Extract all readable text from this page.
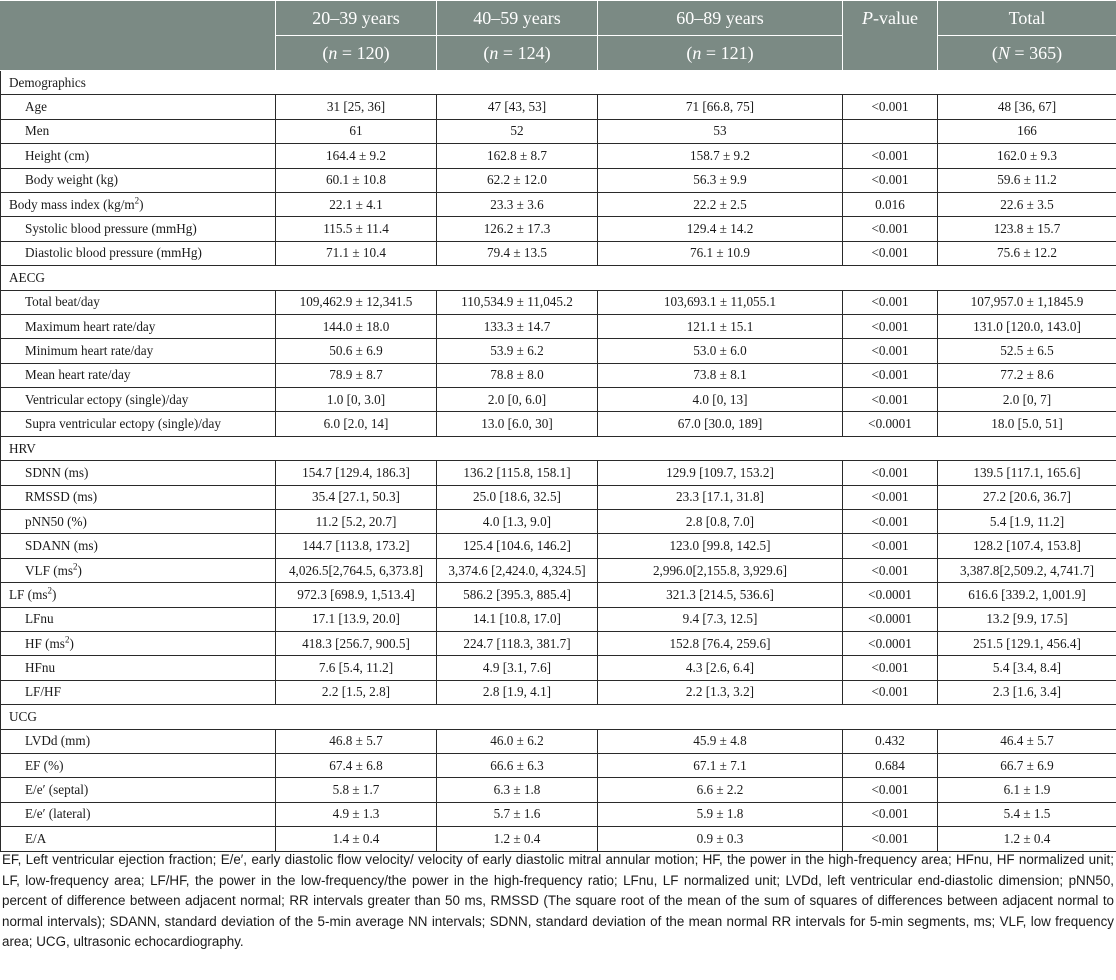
	20–39 years	40–59 years	60–89 years	P-value	Total
	(n = 120)	(n = 124)	(n = 121)		(N = 365)
Demographics					
Age	31 [25, 36]	47 [43, 53]	71 [66.8, 75]	<0.001	48 [36, 67]
Men	61	52	53		166
Height (cm)	164.4 ± 9.2	162.8 ± 8.7	158.7 ± 9.2	<0.001	162.0 ± 9.3
Body weight (kg)	60.1 ± 10.8	62.2 ± 12.0	56.3 ± 9.9	<0.001	59.6 ± 11.2
Body mass index $(kg/m^2)$	22.1 ± 4.1	23.3 ± 3.6	22.2 ± 2.5	0.016	22.6 ± 3.5
Systolic blood pressure (mmHg)	115.5 ± 11.4	126.2 ± 17.3	129.4 ± 14.2	<0.001	123.8 ± 15.7
Diastolic blood pressure (mmHg)	71.1 ± 10.4	79.4 ± 13.5	76.1 ± 10.9	<0.001	75.6 ± 12.2
AECG					
Total beat/day	109,462.9 ± 12,341.5	110,534.9 ± 11,045.2	103,693.1 ± 11,055.1	<0.001	107,957.0 ± 1,1845.9
Maximum heart rate/day	144.0 ± 18.0	133.3 ± 14.7	121.1 ± 15.1	<0.001	131.0 [120.0, 143.0]
Minimum heart rate/day	50.6 ± 6.9	53.9 ± 6.2	53.0 ± 6.0	<0.001	52.5 ± 6.5
Mean heart rate/day	78.9 ± 8.7	78.8 ± 8.0	73.8 ± 8.1	<0.001	77.2 ± 8.6
Ventricular ectopy (single)/day	1.0 [0, 3.0]	2.0 [0, 6.0]	4.0 [0, 13]	<0.001	2.0 [0, 7]
Supra ventricular ectopy (single)/day	6.0 [2.0, 14]	13.0 [6.0, 30]	67.0 [30.0, 189]	<0.0001	18.0 [5.0, 51]
HRV					
SDNN (ms)	154.7 [129.4, 186.3]	136.2 [115.8, 158.1]	129.9 [109.7, 153.2]	<0.001	139.5 [117.1, 165.6]
RMSSD (ms)	35.4 [27.1, 50.3]	25.0 [18.6, 32.5]	23.3 [17.1, 31.8]	<0.001	27.2 [20.6, 36.7]
pNN50 (%)	11.2 [5.2, 20.7]	4.0 [1.3, 9.0]	2.8 [0.8, 7.0]	<0.001	5.4 [1.9, 11.2]
SDANN (ms)	144.7 [113.8, 173.2]	125.4 [104.6, 146.2]	123.0 [99.8, 142.5]	<0.001	128.2 [107.4, 153.8]
VLF $(ms^2)$	4,026.5[2,764.5, 6,373.8]	3,374.6 [2,424.0, 4,324.5]	2,996.0[2,155.8, 3,929.6]	<0.001	3,387.8[2,509.2, 4,741.7]
LF $(ms^2)$	972.3 [698.9, 1,513.4]	586.2 [395.3, 885.4]	321.3 [214.5, 536.6]	<0.0001	616.6 [339.2, 1,001.9]
LFnu	17.1 [13.9, 20.0]	14.1 [10.8, 17.0]	9.4 [7.3, 12.5]	<0.0001	13.2 [9.9, 17.5]
HF $(ms^2)$	418.3 [256.7, 900.5]	224.7 [118.3, 381.7]	152.8 [76.4, 259.6]	<0.0001	251.5 [129.1, 456.4]
HFnu	7.6 [5.4, 11.2]	4.9 [3.1, 7.6]	4.3 [2.6, 6.4]	<0.001	5.4 [3.4, 8.4]
LF/HF	2.2 [1.5, 2.8]	2.8 [1.9, 4.1]	2.2 [1.3, 3.2]	<0.001	2.3 [1.6, 3.4]
UCG					
LVDd (mm)	46.8 ± 5.7	46.0 ± 6.2	45.9 ± 4.8	0.432	46.4 ± 5.7
EF (%)	67.4 ± 6.8	66.6 ± 6.3	67.1 ± 7.1	0.684	66.7 ± 6.9
E/e′ (septal)	5.8 ± 1.7	6.3 ± 1.8	6.6 ± 2.2	<0.001	6.1 ± 1.9
E/e′ (lateral)	4.9 ± 1.3	5.7 ± 1.6	5.9 ± 1.8	<0.001	5.4 ± 1.5
E/A	1.4 ± 0.4	1.2 ± 0.4	0.9 ± 0.3	<0.001	1.2 ± 0.4
EF, Left ventricular ejection fraction; E/e′, early diastolic flow velocity/ velocity of early diastolic mitral annular motion; HF, the power in the high-frequency area; HFnu, HF normalized unit; LF, low-frequency area; LF/HF, the power in the low-frequency/the power in the high-frequency ratio; LFnu, LF normalized unit; LVDd, left ventricular end-diastolic dimension; pNN50, percent of difference between adjacent normal; RR intervals greater than 50 ms, RMSSD (The square root of the mean of the sum of squares of differences between adjacent normal to normal intervals); SDANN, standard deviation of the 5-min average NN intervals; SDNN, standard deviation of the mean normal RR intervals for 5-min segments, ms; VLF, low frequency area; UCG, ultrasonic echocardiography.
